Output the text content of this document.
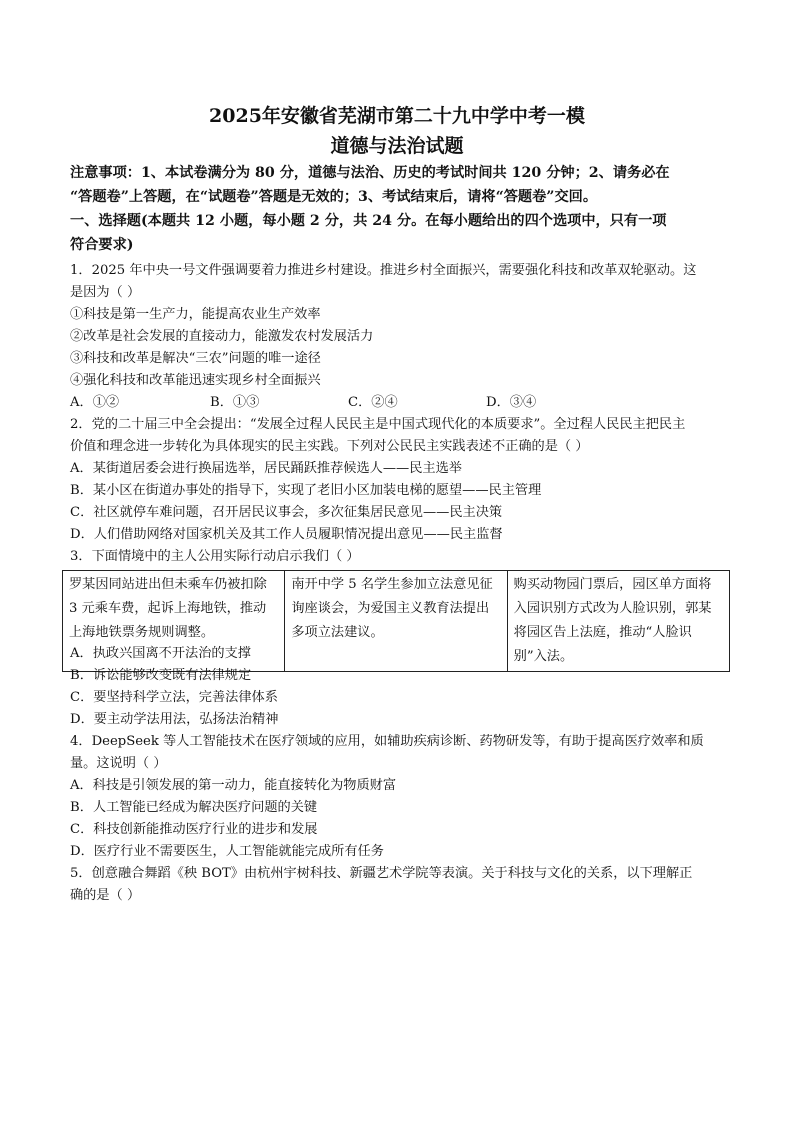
2025年安徽省芜湖市第二十九中学中考一模
道德与法治试题
注意事项：1、本试卷满分为 80 分，道德与法治、历史的考试时间共 120 分钟；2、请务必在
“答题卷”上答题，在“试题卷”答题是无效的；3、考试结束后，请将“答题卷”交回。
一、选择题(本题共 12 小题，每小题 2 分，共 24 分。在每小题给出的四个选项中，只有一项
符合要求)
1．2025 年中央一号文件强调要着力推进乡村建设。推进乡村全面振兴，需要强化科技和改革双轮驱动。这
是因为（ ）
①科技是第一生产力，能提高农业生产效率
②改革是社会发展的直接动力，能激发农村发展活力
③科技和改革是解决“三农”问题的唯一途径
④强化科技和改革能迅速实现乡村全面振兴
A．①②	B．①③	C．②④	D．③④
2．党的二十届三中全会提出：“发展全过程人民民主是中国式现代化的本质要求”。全过程人民民主把民主
价值和理念进一步转化为具体现实的民主实践。下列对公民民主实践表述不正确的是（ ）
A．某街道居委会进行换届选举，居民踊跃推荐候选人——民主选举
B．某小区在街道办事处的指导下，实现了老旧小区加装电梯的愿望——民主管理
C．社区就停车难问题，召开居民议事会，多次征集居民意见——民主决策
D．人们借助网络对国家机关及其工作人员履职情况提出意见——民主监督
3．下面情境中的主人公用实际行动启示我们（ ）
罗某因同站进出但未乘车仍被扣除 3 元乘车费，起诉上海地铁，推动上海地铁票务规则调整。	南开中学 5 名学生参加立法意见征询座谈会，为爱国主义教育法提出多项立法建议。	购买动物园门票后，园区单方面将入园识别方式改为人脸识别，郭某将园区告上法庭，推动“人脸识别”入法。
A．执政兴国离不开法治的支撑
B．诉讼能够改变既有法律规定
C．要坚持科学立法，完善法律体系
D．要主动学法用法，弘扬法治精神
4．DeepSeek 等人工智能技术在医疗领域的应用，如辅助疾病诊断、药物研发等，有助于提高医疗效率和质
量。这说明（ ）
A．科技是引领发展的第一动力，能直接转化为物质财富
B．人工智能已经成为解决医疗问题的关键
C．科技创新能推动医疗行业的进步和发展
D．医疗行业不需要医生，人工智能就能完成所有任务
5．创意融合舞蹈《秧 BOT》由杭州宇树科技、新疆艺术学院等表演。关于科技与文化的关系，以下理解正
确的是（ ）
